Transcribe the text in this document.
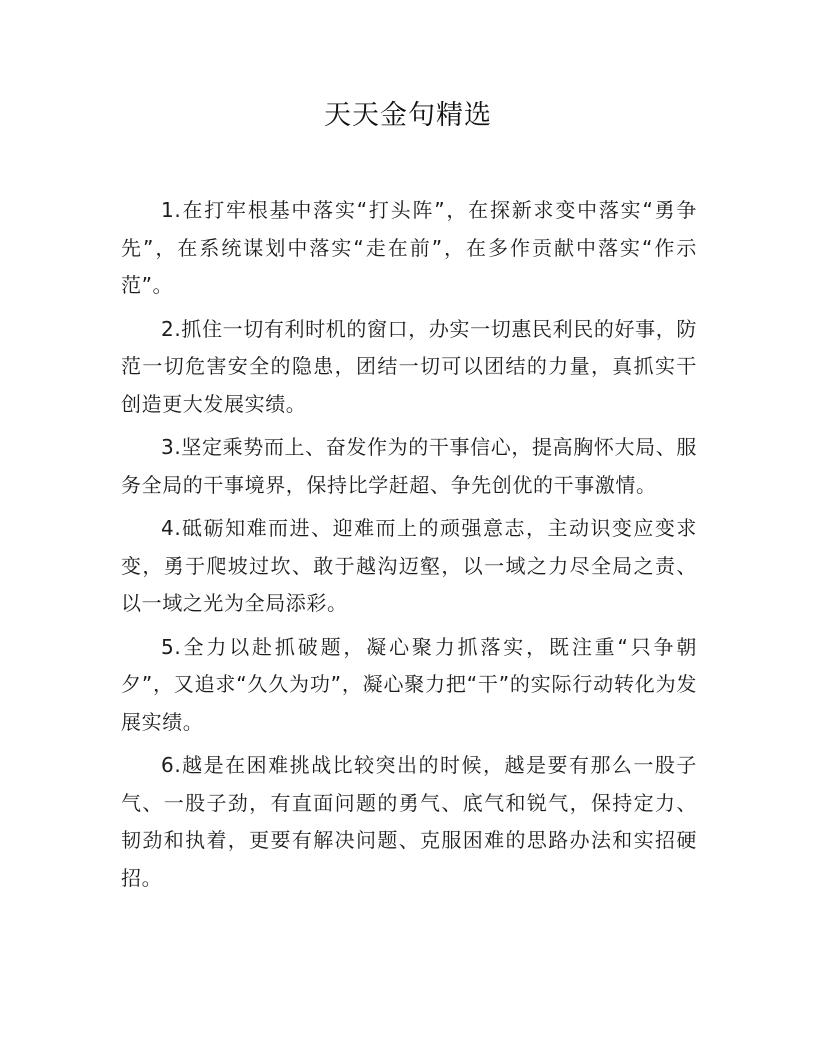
天天金句精选

1.在打牢根基中落实“打头阵”，在探新求变中落实“勇争先”，在系统谋划中落实“走在前”，在多作贡献中落实“作示范”。

2.抓住一切有利时机的窗口，办实一切惠民利民的好事，防范一切危害安全的隐患，团结一切可以团结的力量，真抓实干创造更大发展实绩。

3.坚定乘势而上、奋发作为的干事信心，提高胸怀大局、服务全局的干事境界，保持比学赶超、争先创优的干事激情。

4.砥砺知难而进、迎难而上的顽强意志，主动识变应变求变，勇于爬坡过坎、敢于越沟迈壑，以一域之力尽全局之责、以一域之光为全局添彩。

5.全力以赴抓破题，凝心聚力抓落实，既注重“只争朝夕”，又追求“久久为功”，凝心聚力把“干”的实际行动转化为发展实绩。

6.越是在困难挑战比较突出的时候，越是要有那么一股子气、一股子劲，有直面问题的勇气、底气和锐气，保持定力、韧劲和执着，更要有解决问题、克服困难的思路办法和实招硬招。
